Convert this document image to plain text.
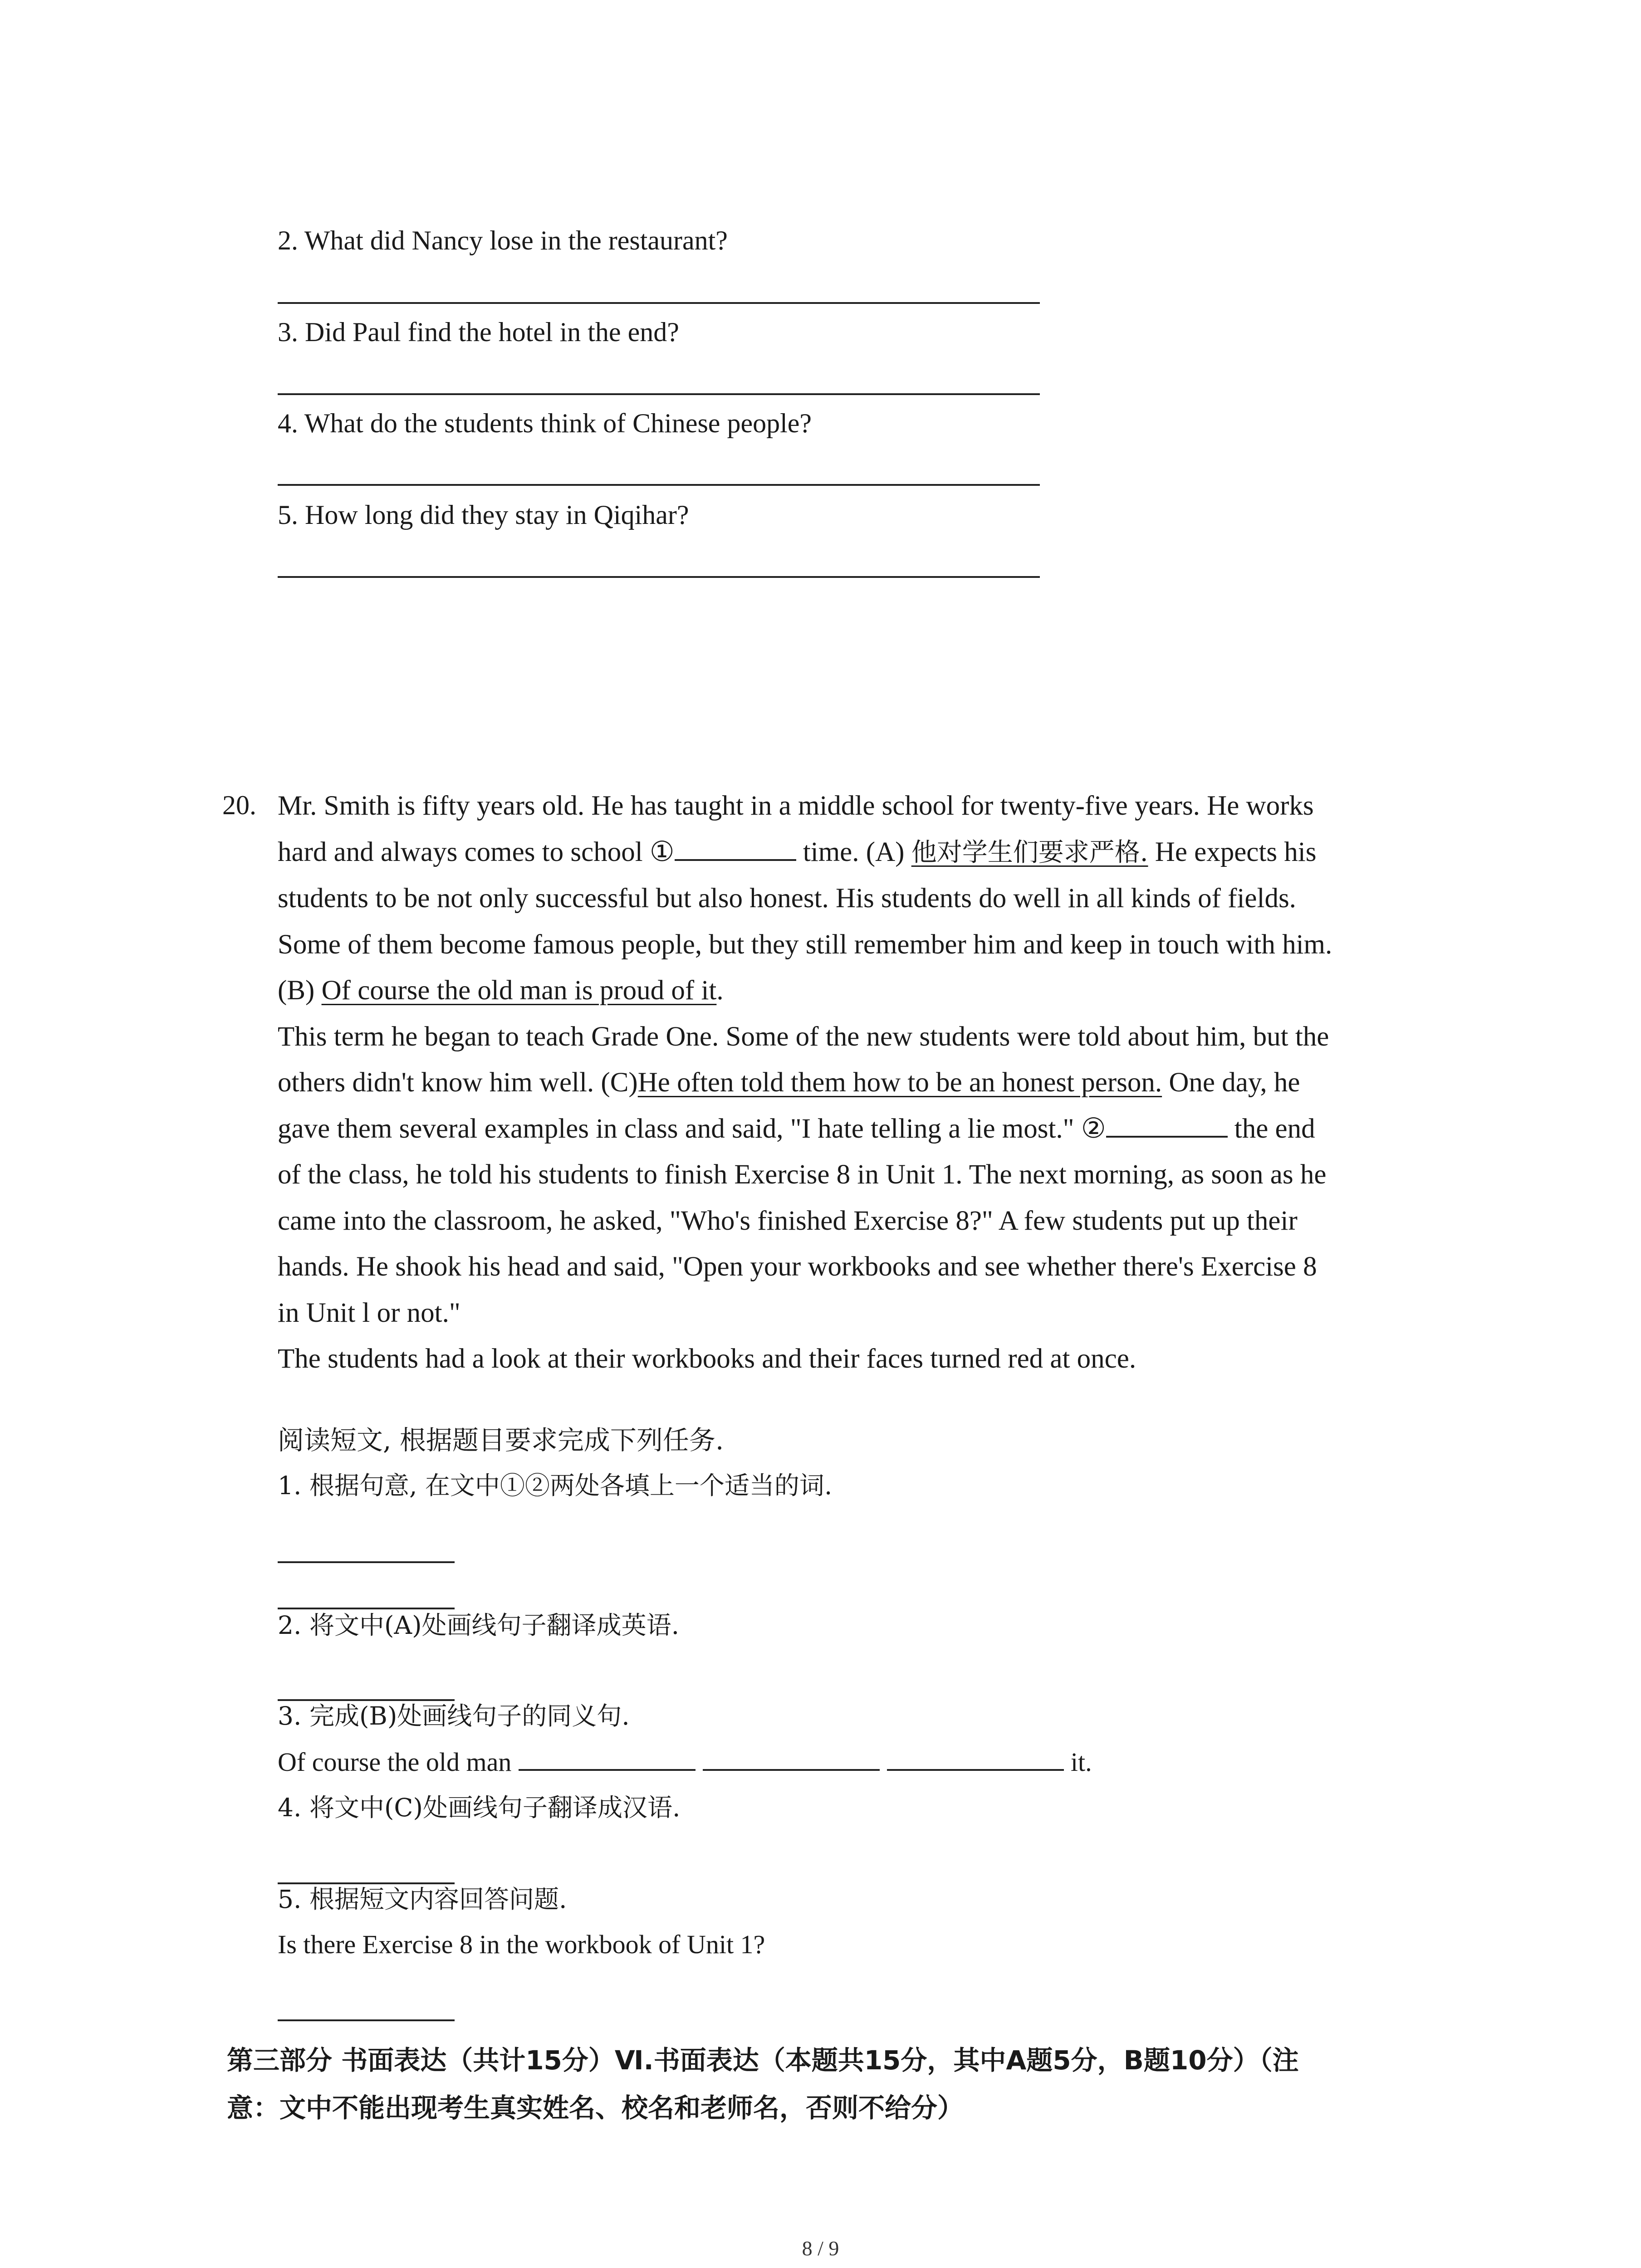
2. What did Nancy lose in the restaurant?
3. Did Paul find the hotel in the end?
4. What do the students think of Chinese people?
5. How long did they stay in Qiqihar?
20. Mr. Smith is fifty years old. He has taught in a middle school for twenty-five years. He works
hard and always comes to school ①	time. (A) 他对学生们要求严格. He expects his
students to be not only successful but also honest. His students do well in all kinds of fields.
Some of them become famous people, but they still remember him and keep in touch with him.
(B) Of course the old man is proud of it.
This term he began to teach Grade One. Some of the new students were told about him, but the
others didn't know him well. (C)He often told them how to be an honest person. One day, he
gave them several examples in class and said, "I hate telling a lie most." ②	the end
of the class, he told his students to finish Exercise 8 in Unit 1. The next morning, as soon as he
came into the classroom, he asked, "Who's finished Exercise 8?" A few students put up their
hands. He shook his head and said, "Open your workbooks and see whether there's Exercise 8
in Unit l or not."
The students had a look at their workbooks and their faces turned red at once.
阅读短文, 根据题目要求完成下列任务.
1. 根据句意, 在文中①②两处各填上一个适当的词.
2. 将文中(A)处画线句子翻译成英语.
3. 完成(B)处画线句子的同义句.
Of course the old man	it.
4. 将文中(C)处画线句子翻译成汉语.
5. 根据短文内容回答问题.
Is there Exercise 8 in the workbook of Unit 1?
第三部分 书面表达（共计15分）Ⅵ.书面表达（本题共15分，其中A题5分，B题10分）（注
意：文中不能出现考生真实姓名、校名和老师名，否则不给分）
8 / 9
